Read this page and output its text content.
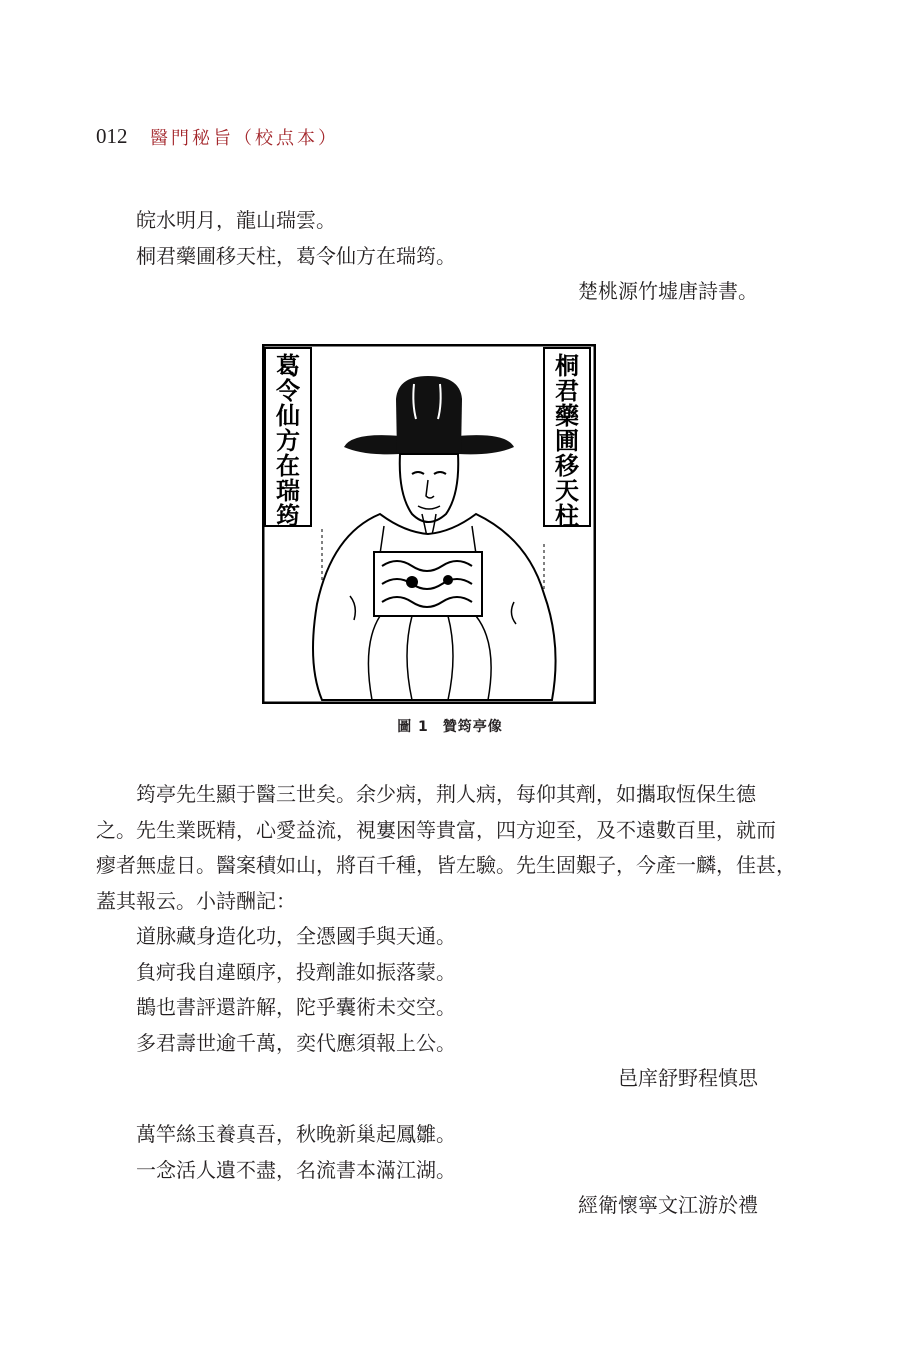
012 醫門秘旨（校点本）
皖水明月，龍山瑞雲。
桐君藥圃移天柱，葛令仙方在瑞筠。
楚桃源竹墟唐詩書。
葛令仙方在瑞筠
桐君藥圃移天柱
圖 1 贊筠亭像
筠亭先生顯于醫三世矣。余少病，荆人病，每仰其劑，如攜取恆保生德
之。先生業既精，心愛益流，視寠困等貴富，四方迎至，及不遠數百里，就而
瘳者無虚日。醫案積如山，將百千種，皆左驗。先生固艱子，今產一麟，佳甚，
蓋其報云。小詩酬記：
道脉藏身造化功，全憑國手與天通。
負疴我自違頤序，投劑誰如振落蒙。
鵲也書評還許解，陀乎囊術未交空。
多君壽世逾千萬，奕代應須報上公。
邑庠舒野程慎思
萬竿絲玉養真吾，秋晚新巢起鳳雛。
一念活人遺不盡，名流書本滿江湖。
經衛懷寧文江游於禮
